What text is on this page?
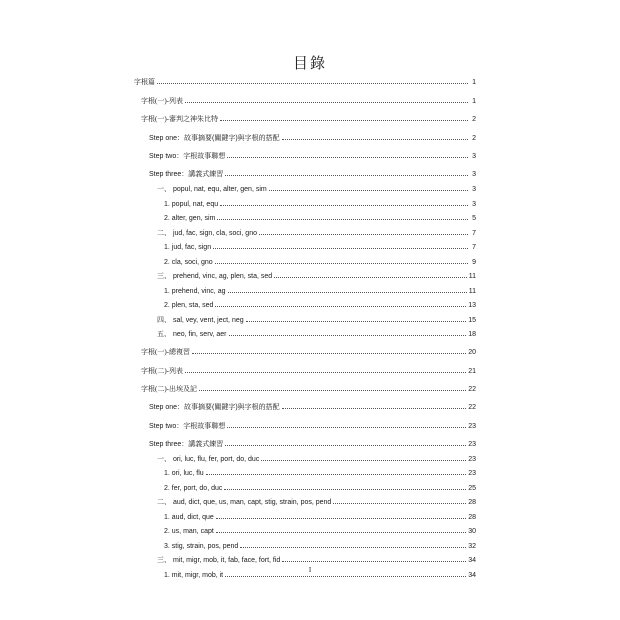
目錄
字根篇	1
字根(一)-列表	1
字根(一)-審判之神朱比特	2
Step one：故事摘要(關鍵字)與字根的搭配	2
Step two：字根故事聯想	3
Step three：講義式練習	3
一、 popul, nat, equ, alter, gen, sim	3
1. popul, nat, equ	3
2. alter, gen, sim	5
二、 jud, fac, sign, cla, soci, gno	7
1. jud, fac, sign	7
2. cla, soci, gno	9
三、 prehend, vinc, ag, plen, sta, sed	11
1. prehend, vinc, ag	11
2. plen, sta, sed	13
四、 sal, vey, vent, ject, neg	15
五、 neo, fin, serv, aer	18
字根(一)-總複習	20
字根(二)-列表	21
字根(二)-出埃及記	22
Step one：故事摘要(關鍵字)與字根的搭配	22
Step two：字根故事聯想	23
Step three：講義式練習	23
一、 ori, luc, flu, fer, port, do, duc	23
1. ori, luc, flu	23
2. fer, port, do, duc	25
二、 aud, dict, que, us, man, capt, stig, strain, pos, pend	28
1. aud, dict, que	28
2. us, man, capt	30
3. stig, strain, pos, pend	32
三、 mit, migr, mob, it, fab, face, fort, fid	34
1. mit, migr, mob, it	34
I
